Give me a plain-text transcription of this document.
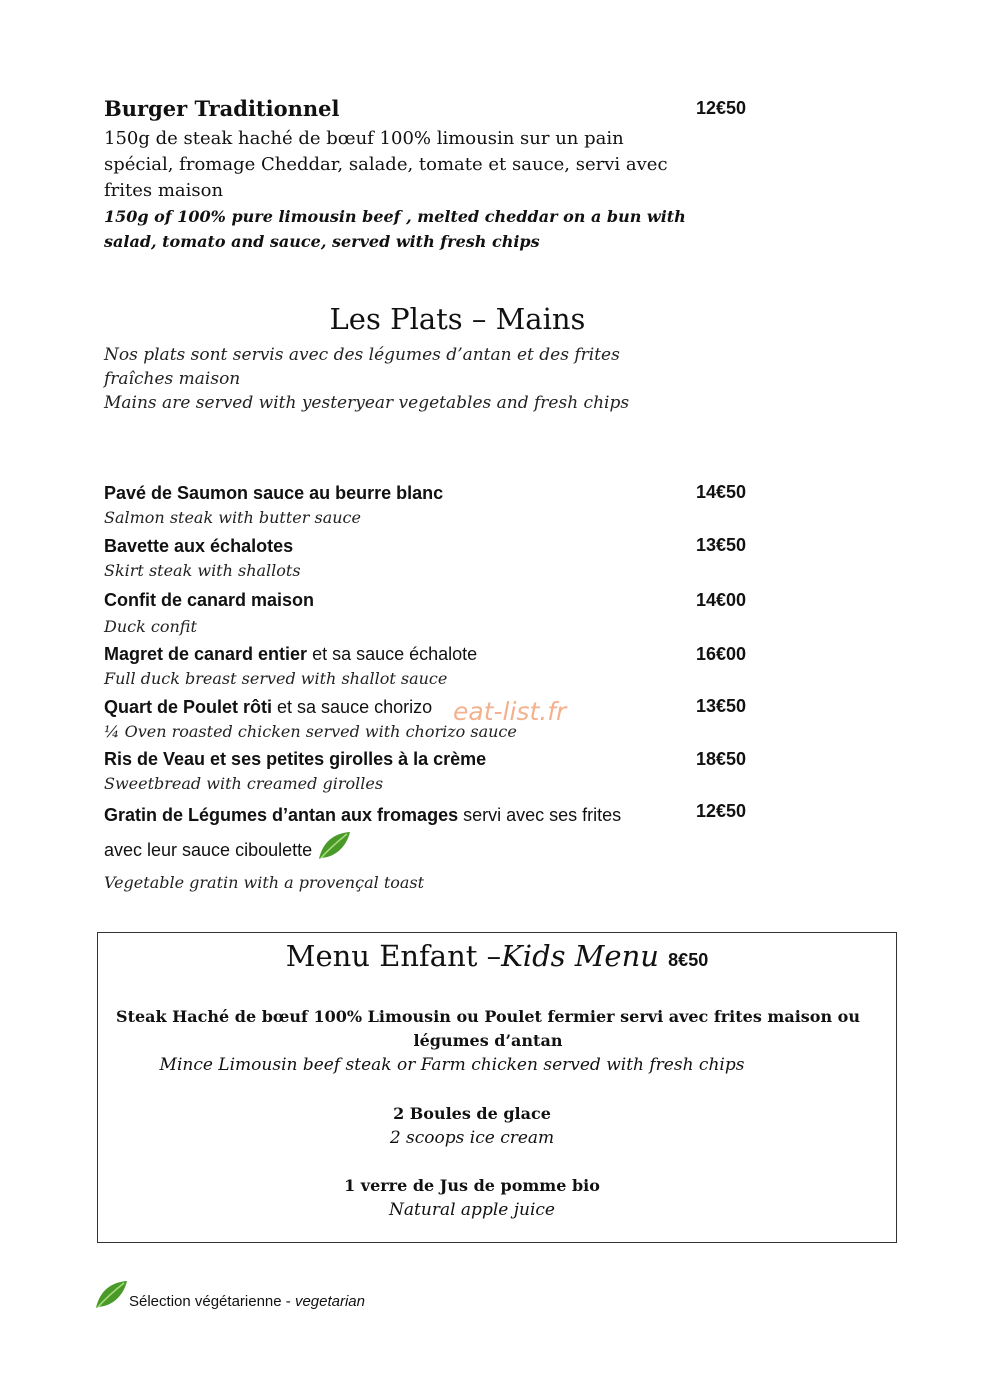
Burger Traditionnel	12€50
150g de steak haché de bœuf 100% limousin sur un pain spécial, fromage Cheddar, salade, tomate et sauce, servi avec frites maison
150g of 100% pure limousin beef , melted cheddar on a bun with salad, tomato and sauce, served with fresh chips
Les Plats – Mains
Nos plats sont servis avec des légumes d’antan et des frites fraîches maison
Mains are served with yesteryear vegetables and fresh chips
Pavé de Saumon sauce au beurre blanc
Salmon steak with butter sauce
14€50
Bavette aux échalotes
Skirt steak with shallots
13€50
Confit de canard maison
Duck confit
14€00
Magret de canard entier et sa sauce échalote
Full duck breast served with shallot sauce
16€00
Quart de Poulet rôti et sa sauce chorizo
¼ Oven roasted chicken served with chorizo sauce
13€50
Ris de Veau et ses petites girolles à la crème
Sweetbread with creamed girolles
18€50
Gratin de Légumes d’antan aux fromages servi avec ses frites avec leur sauce ciboulette
Vegetable gratin with a provençal toast
12€50
eat-list.fr
Menu Enfant –Kids Menu 8€50
Steak Haché de bœuf 100% Limousin ou Poulet fermier servi avec frites maison ou légumes d’antan
Mince Limousin beef steak or Farm chicken served with fresh chips
2 Boules de glace
2 scoops ice cream
1 verre de Jus de pomme bio
Natural apple juice
Sélection végétarienne - vegetarian
